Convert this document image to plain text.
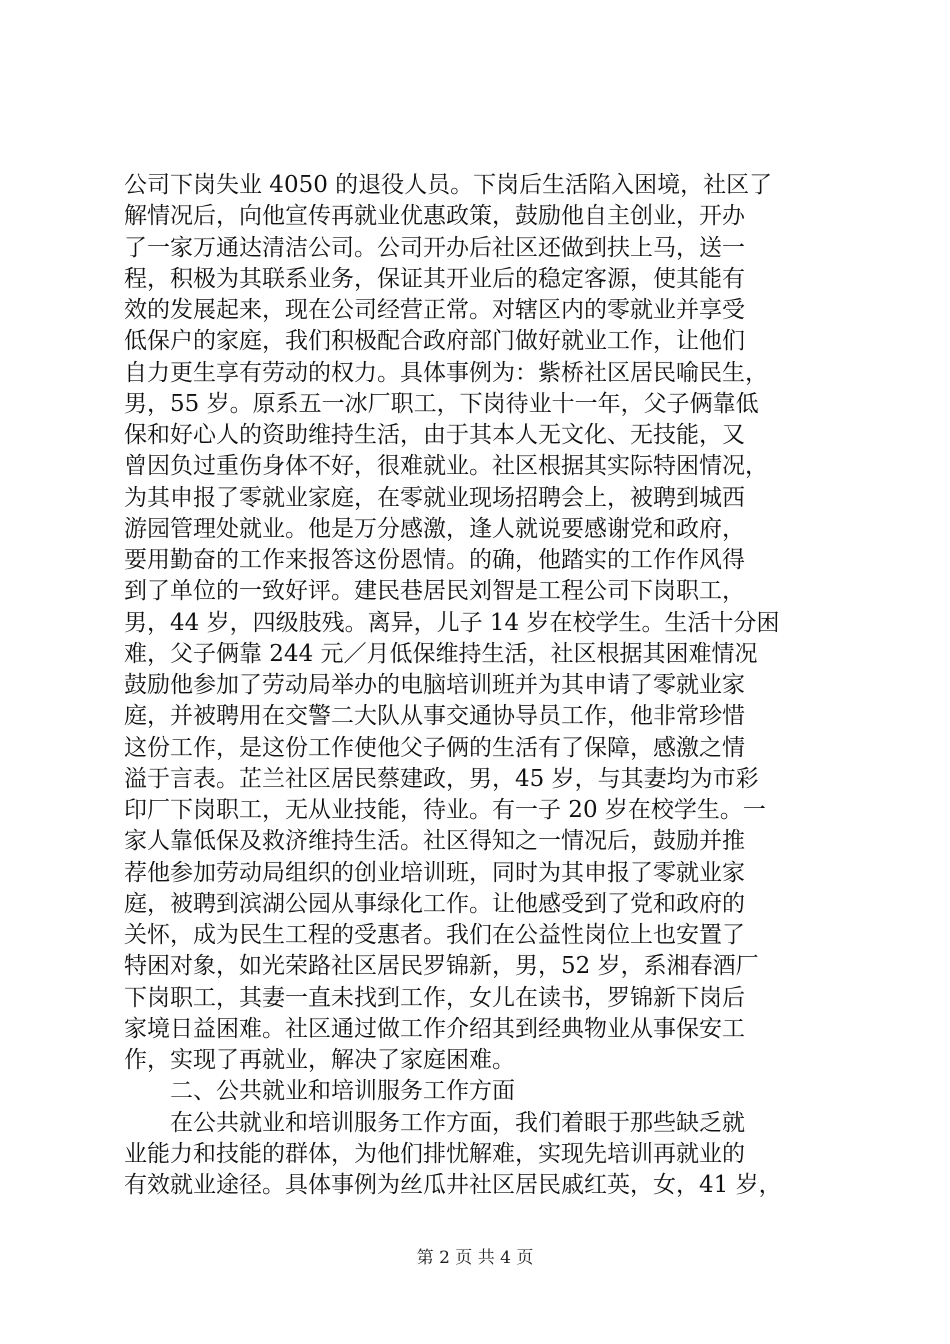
公司下岗失业 4050 的退役人员。下岗后生活陷入困境，社区了
解情况后，向他宣传再就业优惠政策，鼓励他自主创业，开办
了一家万通达清洁公司。公司开办后社区还做到扶上马，送一
程，积极为其联系业务，保证其开业后的稳定客源，使其能有
效的发展起来，现在公司经营正常。对辖区内的零就业并享受
低保户的家庭，我们积极配合政府部门做好就业工作，让他们
自力更生享有劳动的权力。具体事例为：紫桥社区居民喻民生，
男，55 岁。原系五一冰厂职工，下岗待业十一年，父子俩靠低
保和好心人的资助维持生活，由于其本人无文化、无技能，又
曾因负过重伤身体不好，很难就业。社区根据其实际特困情况，
为其申报了零就业家庭，在零就业现场招聘会上，被聘到城西
游园管理处就业。他是万分感激，逢人就说要感谢党和政府，
要用勤奋的工作来报答这份恩情。的确，他踏实的工作作风得
到了单位的一致好评。建民巷居民刘智是工程公司下岗职工，
男，44 岁，四级肢残。离异，儿子 14 岁在校学生。生活十分困
难，父子俩靠 244 元／月低保维持生活，社区根据其困难情况
鼓励他参加了劳动局举办的电脑培训班并为其申请了零就业家
庭，并被聘用在交警二大队从事交通协导员工作，他非常珍惜
这份工作，是这份工作使他父子俩的生活有了保障，感激之情
溢于言表。芷兰社区居民蔡建政，男，45 岁，与其妻均为市彩
印厂下岗职工，无从业技能，待业。有一子 20 岁在校学生。一
家人靠低保及救济维持生活。社区得知之一情况后，鼓励并推
荐他参加劳动局组织的创业培训班，同时为其申报了零就业家
庭，被聘到滨湖公园从事绿化工作。让他感受到了党和政府的
关怀，成为民生工程的受惠者。我们在公益性岗位上也安置了
特困对象，如光荣路社区居民罗锦新，男，52 岁，系湘春酒厂
下岗职工，其妻一直未找到工作，女儿在读书，罗锦新下岗后
家境日益困难。社区通过做工作介绍其到经典物业从事保安工
作，实现了再就业，解决了家庭困难。
二、公共就业和培训服务工作方面
在公共就业和培训服务工作方面，我们着眼于那些缺乏就
业能力和技能的群体，为他们排忧解难，实现先培训再就业的
有效就业途径。具体事例为丝瓜井社区居民戚红英，女，41 岁，
第 2 页 共 4 页
